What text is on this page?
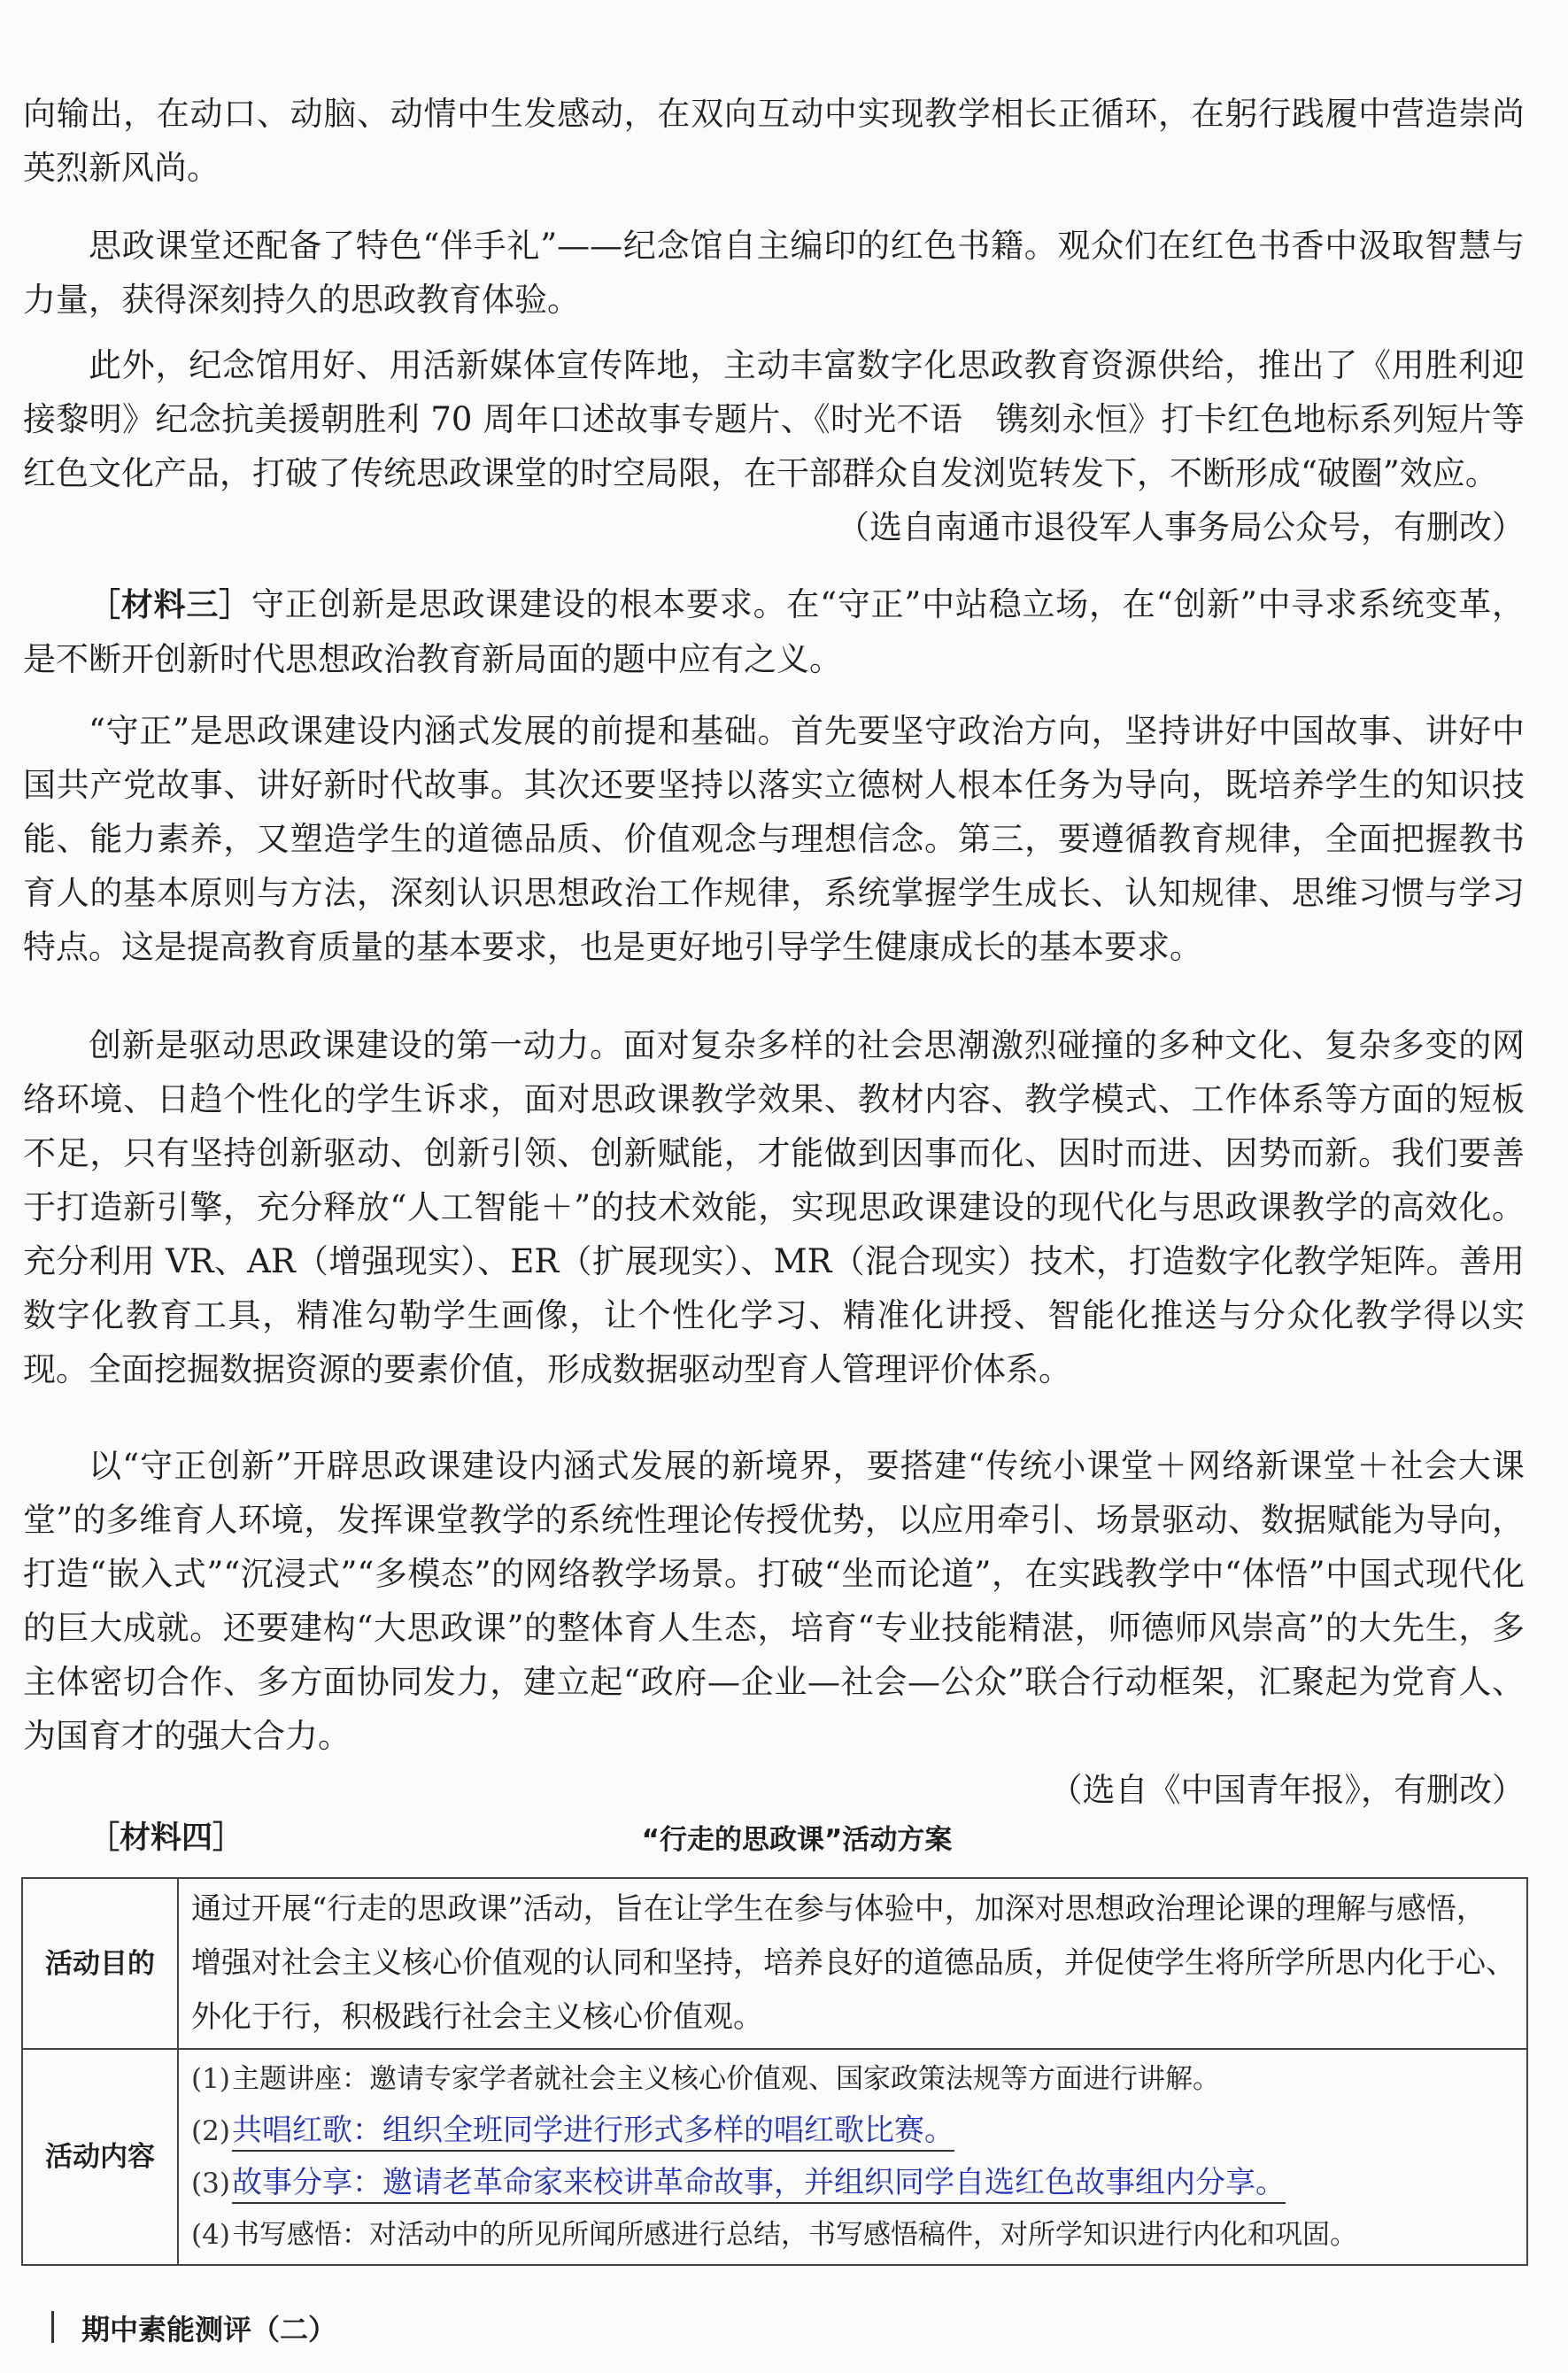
向输出，在动口、动脑、动情中生发感动，在双向互动中实现教学相长正循环，在躬行践履中营造崇尚英烈新风尚。

思政课堂还配备了特色“伴手礼”——纪念馆自主编印的红色书籍。观众们在红色书香中汲取智慧与力量，获得深刻持久的思政教育体验。

此外，纪念馆用好、用活新媒体宣传阵地，主动丰富数字化思政教育资源供给，推出了《用胜利迎接黎明》纪念抗美援朝胜利 70 周年口述故事专题片、《时光不语　镌刻永恒》打卡红色地标系列短片等红色文化产品，打破了传统思政课堂的时空局限，在干部群众自发浏览转发下，不断形成“破圈”效应。
（选自南通市退役军人事务局公众号，有删改）

［材料三］守正创新是思政课建设的根本要求。在“守正”中站稳立场，在“创新”中寻求系统变革，是不断开创新时代思想政治教育新局面的题中应有之义。

“守正”是思政课建设内涵式发展的前提和基础。首先要坚守政治方向，坚持讲好中国故事、讲好中国共产党故事、讲好新时代故事。其次还要坚持以落实立德树人根本任务为导向，既培养学生的知识技能、能力素养，又塑造学生的道德品质、价值观念与理想信念。第三，要遵循教育规律，全面把握教书育人的基本原则与方法，深刻认识思想政治工作规律，系统掌握学生成长、认知规律、思维习惯与学习特点。这是提高教育质量的基本要求，也是更好地引导学生健康成长的基本要求。

创新是驱动思政课建设的第一动力。面对复杂多样的社会思潮激烈碰撞的多种文化、复杂多变的网络环境、日趋个性化的学生诉求，面对思政课教学效果、教材内容、教学模式、工作体系等方面的短板不足，只有坚持创新驱动、创新引领、创新赋能，才能做到因事而化、因时而进、因势而新。我们要善于打造新引擎，充分释放“人工智能＋”的技术效能，实现思政课建设的现代化与思政课教学的高效化。充分利用 VR、AR（增强现实）、ER（扩展现实）、MR（混合现实）技术，打造数字化教学矩阵。善用数字化教育工具，精准勾勒学生画像，让个性化学习、精准化讲授、智能化推送与分众化教学得以实现。全面挖掘数据资源的要素价值，形成数据驱动型育人管理评价体系。

以“守正创新”开辟思政课建设内涵式发展的新境界，要搭建“传统小课堂＋网络新课堂＋社会大课堂”的多维育人环境，发挥课堂教学的系统性理论传授优势，以应用牵引、场景驱动、数据赋能为导向，打造“嵌入式”“沉浸式”“多模态”的网络教学场景。打破“坐而论道”，在实践教学中“体悟”中国式现代化的巨大成就。还要建构“大思政课”的整体育人生态，培育“专业技能精湛，师德师风崇高”的大先生，多主体密切合作、多方面协同发力，建立起“政府—企业—社会—公众”联合行动框架，汇聚起为党育人、为国育才的强大合力。
（选自《中国青年报》，有删改）
［材料四］	“行走的思政课”活动方案
活动目的	通过开展“行走的思政课”活动，旨在让学生在参与体验中，加深对思想政治理论课的理解与感悟，增强对社会主义核心价值观的认同和坚持，培养良好的道德品质，并促使学生将所学所思内化于心、外化于行，积极践行社会主义核心价值观。
活动内容	(1)主题讲座：邀请专家学者就社会主义核心价值观、国家政策法规等方面进行讲解。
(2)共唱红歌：组织全班同学进行形式多样的唱红歌比赛。
(3)故事分享：邀请老革命家来校讲革命故事，并组织同学自选红色故事组内分享。
(4)书写感悟：对活动中的所见所闻所感进行总结，书写感悟稿件，对所学知识进行内化和巩固。
期中素能测评（二）
